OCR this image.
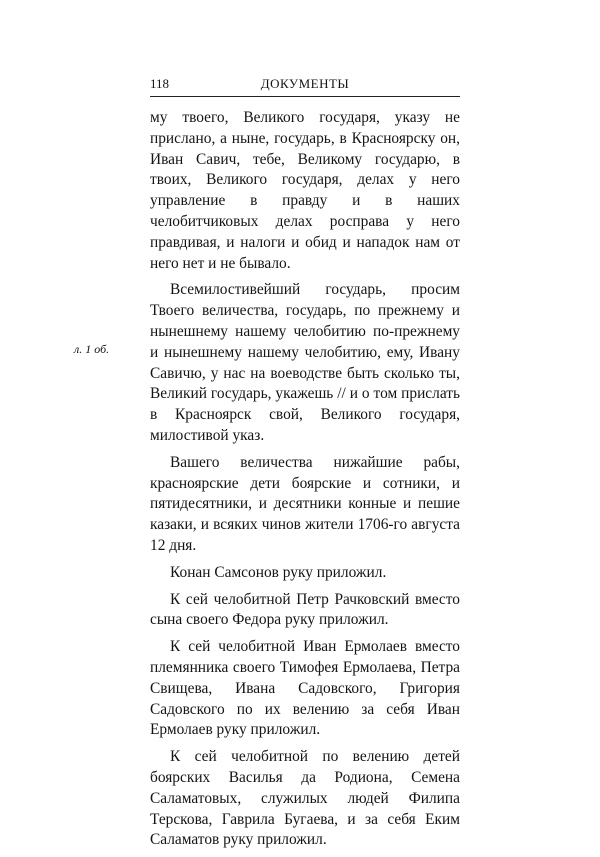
118	ДОКУМЕНТЫ
л. 1 об.

му твоего, Великого государя, указу не прислано, а ныне, государь, в Красноярску он, Иван Савич, тебе, Великому государю, в твоих, Великого государя, делах у него управление в правду и в наших челобитчиковых делах росправа у него правдивая, и налоги и обид и нападок нам от него нет и не бывало.

Всемилостивейший государь, просим Твоего величества, государь, по прежнему и нынешнему нашему челобитию по-прежнему и нынешнему нашему челобитию, ему, Ивану Савичю, у нас на воеводстве быть сколько ты, Великий государь, укажешь // и о том прислать в Красноярск свой, Великого государя, милостивой указ.

Вашего величества нижайшие рабы, красноярские дети боярские и сотники, и пятидесятники, и десятники конные и пешие казаки, и всяких чинов жители 1706-го августа 12 дня.

Конан Самсонов руку приложил.

К сей челобитной Петр Рачковский вместо сына своего Федора руку приложил.

К сей челобитной Иван Ермолаев вместо племянника своего Тимофея Ермолаева, Петра Свищева, Ивана Садовского, Григория Садовского по их велению за себя Иван Ермолаев руку приложил.

К сей челобитной по велению детей боярских Василья да Родиона, Семена Саламатовых, служилых людей Филипа Терскова, Гаврила Бугаева, и за себя Еким Саламатов руку приложил.
